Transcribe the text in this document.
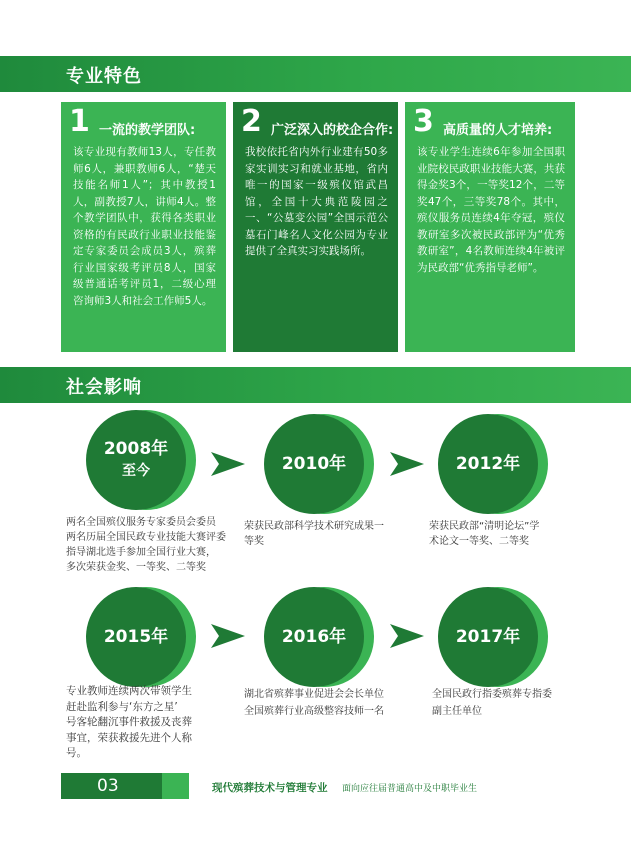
专业特色
1 一流的教学团队:
该专业现有教师13人，专任教师6人，兼职教师6人，“楚天技能名师1人”；其中教授1人，副教授7人，讲师4人。整个教学团队中，获得各类职业资格的有民政行业职业技能鉴定专家委员会成员3人，殡葬行业国家级考评员8人，国家级普通话考评员1，二级心理咨询师3人和社会工作师5人。
2 广泛深入的校企合作:
我校依托省内外行业建有50多家实训实习和就业基地，省内唯一的国家一级殡仪馆武昌馆，全国十大典范陵园之一、“公墓变公园”全国示范公墓石门峰名人文化公园为专业提供了全真实习实践场所。
3 高质量的人才培养:
该专业学生连续6年参加全国职业院校民政职业技能大赛，共获得金奖3个，一等奖12个，二等奖47个，三等奖78个。其中，殡仪服务员连续4年夺冠，殡仪教研室多次被民政部评为“优秀教研室”，4名教师连续4年被评为民政部“优秀指导老师”。
社会影响
2008年
至今	2010年	2012年
两名全国殡仪服务专家委员会委员
两名历届全国民政专业技能大赛评委
指导湖北选手参加全国行业大赛，
多次荣获金奖、一等奖、二等奖
荣获民政部科学技术研究成果一
等奖
荣获民政部“清明论坛”学
术论文一等奖、二等奖
2015年	2016年	2017年
专业教师连续两次带领学生
赶赴监利参与‘东方之星’
号客轮翻沉事件救援及丧葬
事宜，荣获救援先进个人称
号。
湖北省殡葬事业促进会会长单位
全国殡葬行业高级整容技师一名
全国民政行指委殡葬专指委
副主任单位
03	现代殡葬技术与管理专业 面向应往届普通高中及中职毕业生
